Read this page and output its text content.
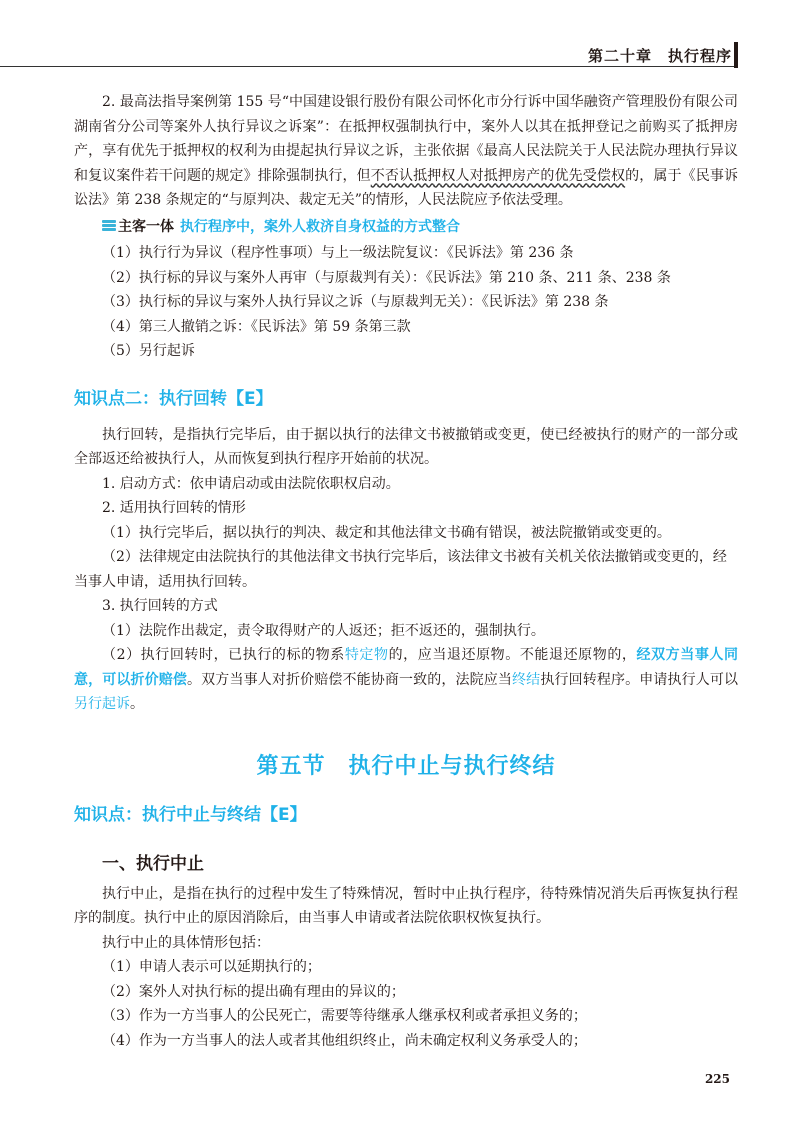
第二十章　执行程序

2. 最高法指导案例第 155 号“中国建设银行股份有限公司怀化市分行诉中国华融资产管理股份有限公司湖南省分公司等案外人执行异议之诉案”：在抵押权强制执行中，案外人以其在抵押登记之前购买了抵押房产，享有优先于抵押权的权利为由提起执行异议之诉，主张依据《最高人民法院关于人民法院办理执行异议和复议案件若干问题的规定》排除强制执行，但不否认抵押权人对抵押房产的优先受偿权的，属于《民事诉讼法》第 238 条规定的“与原判决、裁定无关”的情形，人民法院应予依法受理。

主客一体 执行程序中，案外人救济自身权益的方式整合

（1）执行行为异议（程序性事项）与上一级法院复议：《民诉法》第 236 条

（2）执行标的异议与案外人再审（与原裁判有关）：《民诉法》第 210 条、211 条、238 条

（3）执行标的异议与案外人执行异议之诉（与原裁判无关）：《民诉法》第 238 条

（4）第三人撤销之诉：《民诉法》第 59 条第三款

（5）另行起诉

知识点二：执行回转【E】

执行回转，是指执行完毕后，由于据以执行的法律文书被撤销或变更，使已经被执行的财产的一部分或全部返还给被执行人，从而恢复到执行程序开始前的状况。

1. 启动方式：依申请启动或由法院依职权启动。

2. 适用执行回转的情形

（1）执行完毕后，据以执行的判决、裁定和其他法律文书确有错误，被法院撤销或变更的。

（2）法律规定由法院执行的其他法律文书执行完毕后，该法律文书被有关机关依法撤销或变更的，经当事人申请，适用执行回转。

3. 执行回转的方式

（1）法院作出裁定，责令取得财产的人返还；拒不返还的，强制执行。

（2）执行回转时，已执行的标的物系特定物的，应当退还原物。不能退还原物的，经双方当事人同意，可以折价赔偿。双方当事人对折价赔偿不能协商一致的，法院应当终结执行回转程序。申请执行人可以另行起诉。

第五节　执行中止与执行终结

知识点：执行中止与终结【E】

一、执行中止

执行中止，是指在执行的过程中发生了特殊情况，暂时中止执行程序，待特殊情况消失后再恢复执行程序的制度。执行中止的原因消除后，由当事人申请或者法院依职权恢复执行。

执行中止的具体情形包括：

（1）申请人表示可以延期执行的；

（2）案外人对执行标的提出确有理由的异议的；

（3）作为一方当事人的公民死亡，需要等待继承人继承权利或者承担义务的；

（4）作为一方当事人的法人或者其他组织终止，尚未确定权利义务承受人的；

225
